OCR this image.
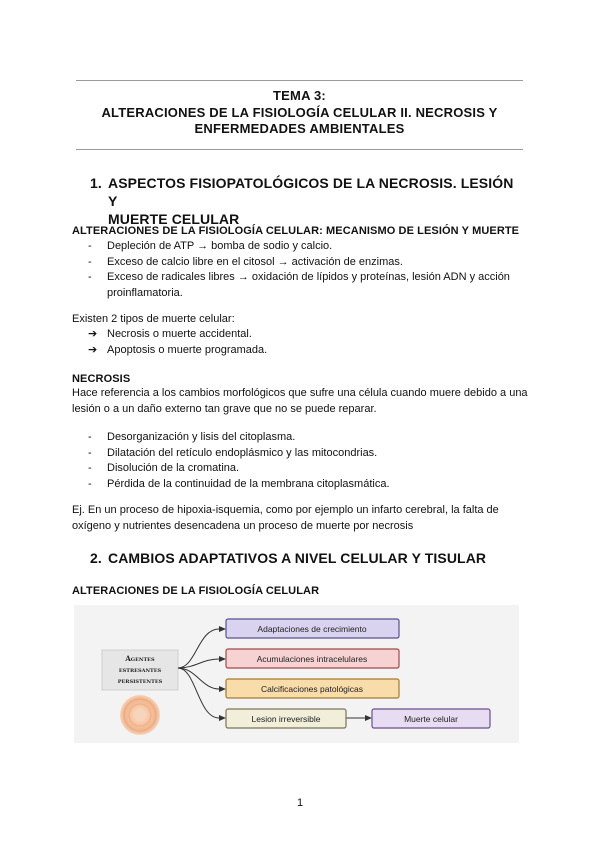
TEMA 3:
ALTERACIONES DE LA FISIOLOGÍA CELULAR II. NECROSIS Y
ENFERMEDADES AMBIENTALES
1. ASPECTOS FISIOPATOLÓGICOS DE LA NECROSIS. LESIÓN Y
MUERTE CELULAR
ALTERACIONES DE LA FISIOLOGÍA CELULAR: MECANISMO DE LESIÓN Y MUERTE
- Depleción de ATP → bomba de sodio y calcio.
- Exceso de calcio libre en el citosol → activación de enzimas.
- Exceso de radicales libres → oxidación de lípidos y proteínas, lesión ADN y acción proinflamatoria.
Existen 2 tipos de muerte celular:
➔ Necrosis o muerte accidental.
➔ Apoptosis o muerte programada.
NECROSIS
Hace referencia a los cambios morfológicos que sufre una célula cuando muere debido a una lesión o a un daño externo tan grave que no se puede reparar.
- Desorganización y lisis del citoplasma.
- Dilatación del retículo endoplásmico y las mitocondrias.
- Disolución de la cromatina.
- Pérdida de la continuidad de la membrana citoplasmática.
Ej. En un proceso de hipoxia-isquemia, como por ejemplo un infarto cerebral, la falta de oxígeno y nutrientes desencadena un proceso de muerte por necrosis
2. CAMBIOS ADAPTATIVOS A NIVEL CELULAR Y TISULAR
ALTERACIONES DE LA FISIOLOGÍA CELULAR
Agentes
estresantes
persistentes
Adaptaciones de crecimiento
Acumulaciones intracelulares
Calcificaciones patológicas
Lesion irreversible	Muerte celular
1
